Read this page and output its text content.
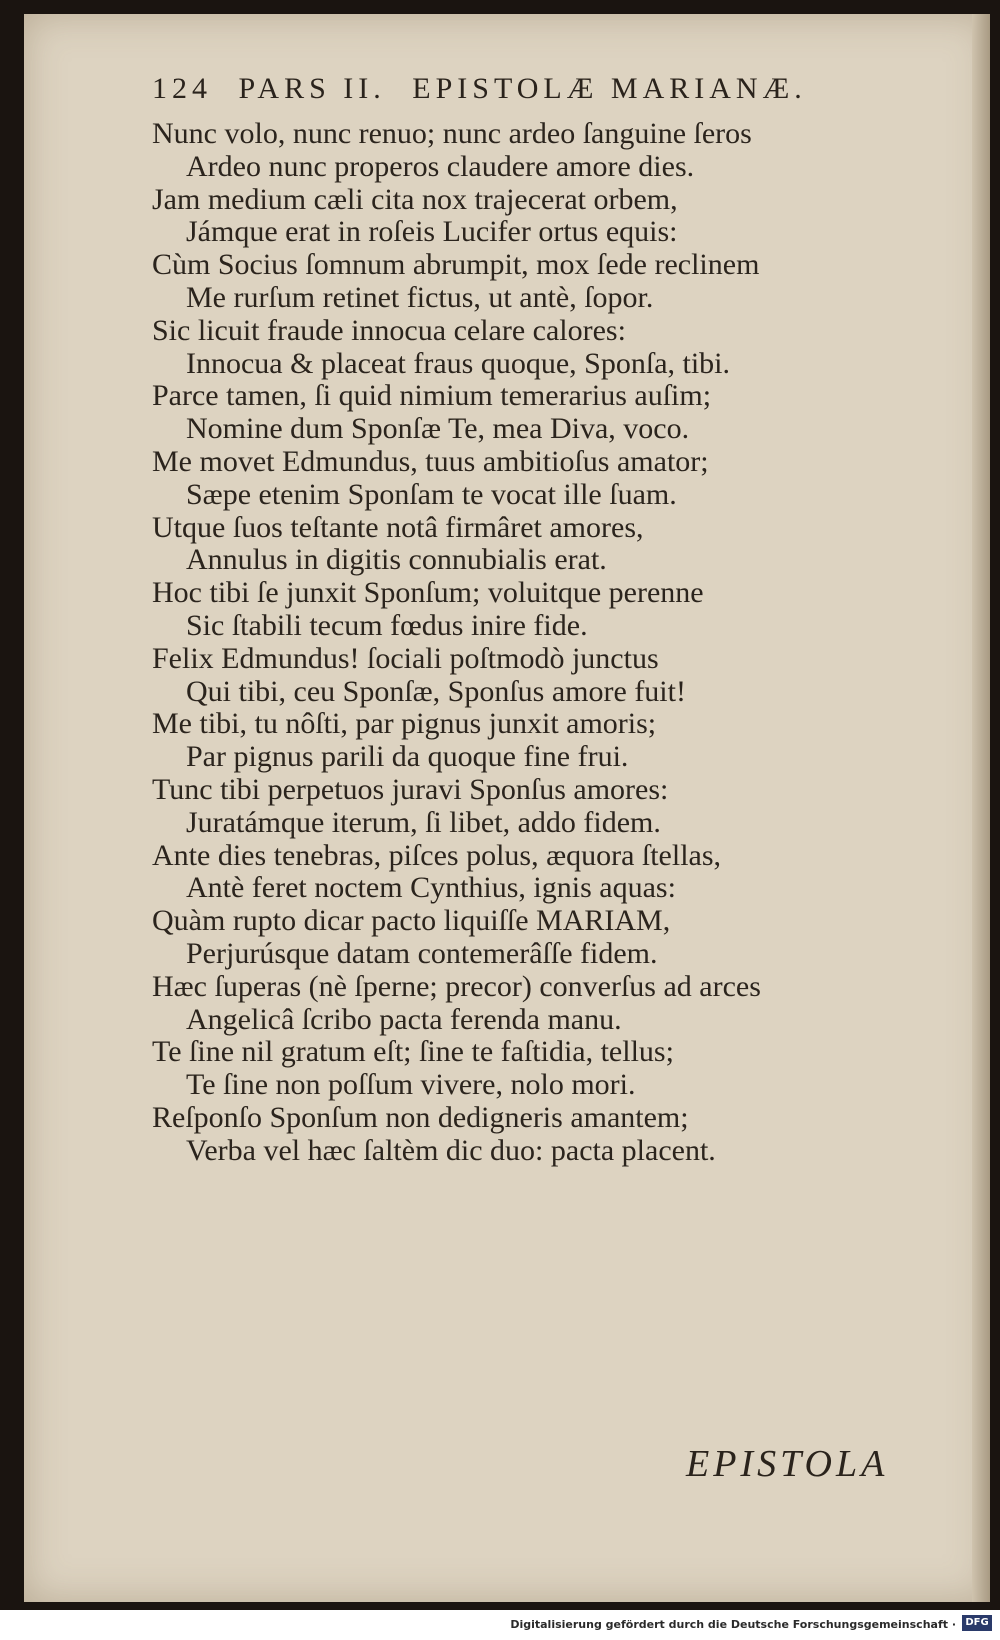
124 PARS II. EPISTOLÆ MARIANÆ.
Nunc volo, nunc renuo; nunc ardeo ſanguine ſeros
Ardeo nunc properos claudere amore dies.
Jam medium cæli cita nox trajecerat orbem,
Jámque erat in roſeis Lucifer ortus equis:
Cùm Socius ſomnum abrumpit, mox ſede reclinem
Me rurſum retinet fictus, ut antè, ſopor.
Sic licuit fraude innocua celare calores:
Innocua & placeat fraus quoque, Sponſa, tibi.
Parce tamen, ſi quid nimium temerarius auſim;
Nomine dum Sponſæ Te, mea Diva, voco.
Me movet Edmundus, tuus ambitioſus amator;
Sæpe etenim Sponſam te vocat ille ſuam.
Utque ſuos teſtante notâ firmâret amores,
Annulus in digitis connubialis erat.
Hoc tibi ſe junxit Sponſum; voluitque perenne
Sic ſtabili tecum fœdus inire fide.
Felix Edmundus! ſociali poſtmodò junctus
Qui tibi, ceu Sponſæ, Sponſus amore fuit!
Me tibi, tu nôſti, par pignus junxit amoris;
Par pignus parili da quoque fine frui.
Tunc tibi perpetuos juravi Sponſus amores:
Juratámque iterum, ſi libet, addo fidem.
Ante dies tenebras, piſces polus, æquora ſtellas,
Antè feret noctem Cynthius, ignis aquas:
Quàm rupto dicar pacto liquiſſe MARIAM,
Perjurúsque datam contemerâſſe fidem.
Hæc ſuperas (nè ſperne; precor) converſus ad arces
Angelicâ ſcribo pacta ferenda manu.
Te ſine nil gratum eſt; ſine te faſtidia, tellus;
Te ſine non poſſum vivere, nolo mori.
Reſponſo Sponſum non dedigneris amantem;
Verba vel hæc ſaltèm dic duo: pacta placent.
EPISTOLA
Digitalisierung gefördert durch die Deutsche Forschungsgemeinschaft · DFG
